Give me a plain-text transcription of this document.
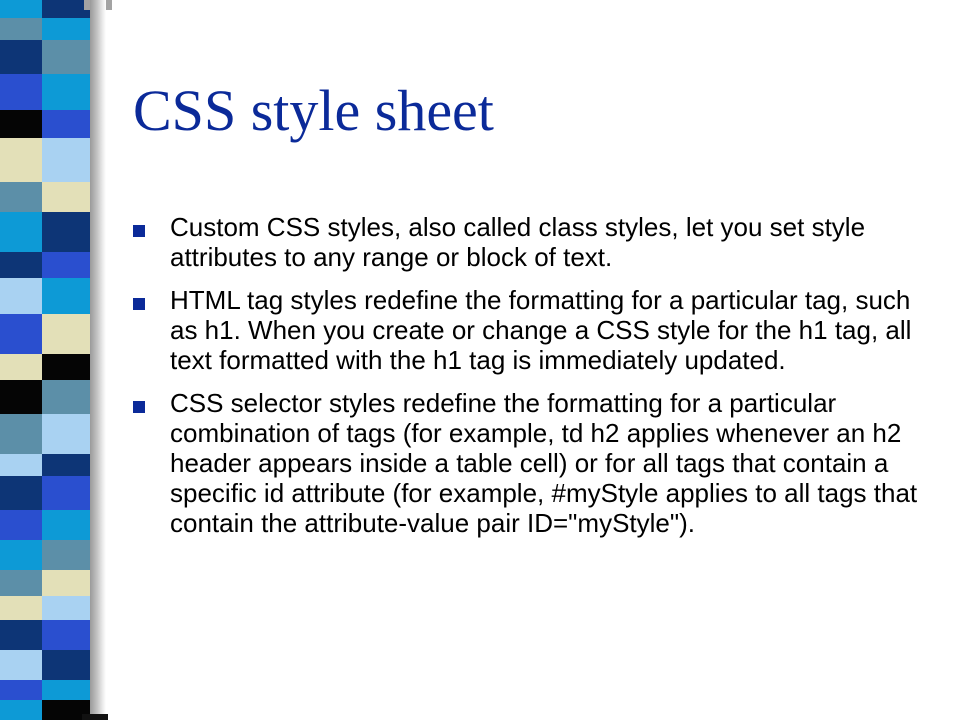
CSS style sheet
Custom CSS styles, also called class styles, let you set style attributes to any range or block of text.
HTML tag styles redefine the formatting for a particular tag, such as h1. When you create or change a CSS style for the h1 tag, all text formatted with the h1 tag is immediately updated.
CSS selector styles redefine the formatting for a particular combination of tags (for example, td h2 applies whenever an h2 header appears inside a table cell) or for all tags that contain a specific id attribute (for example, #myStyle applies to all tags that contain the attribute-value pair ID="myStyle").
